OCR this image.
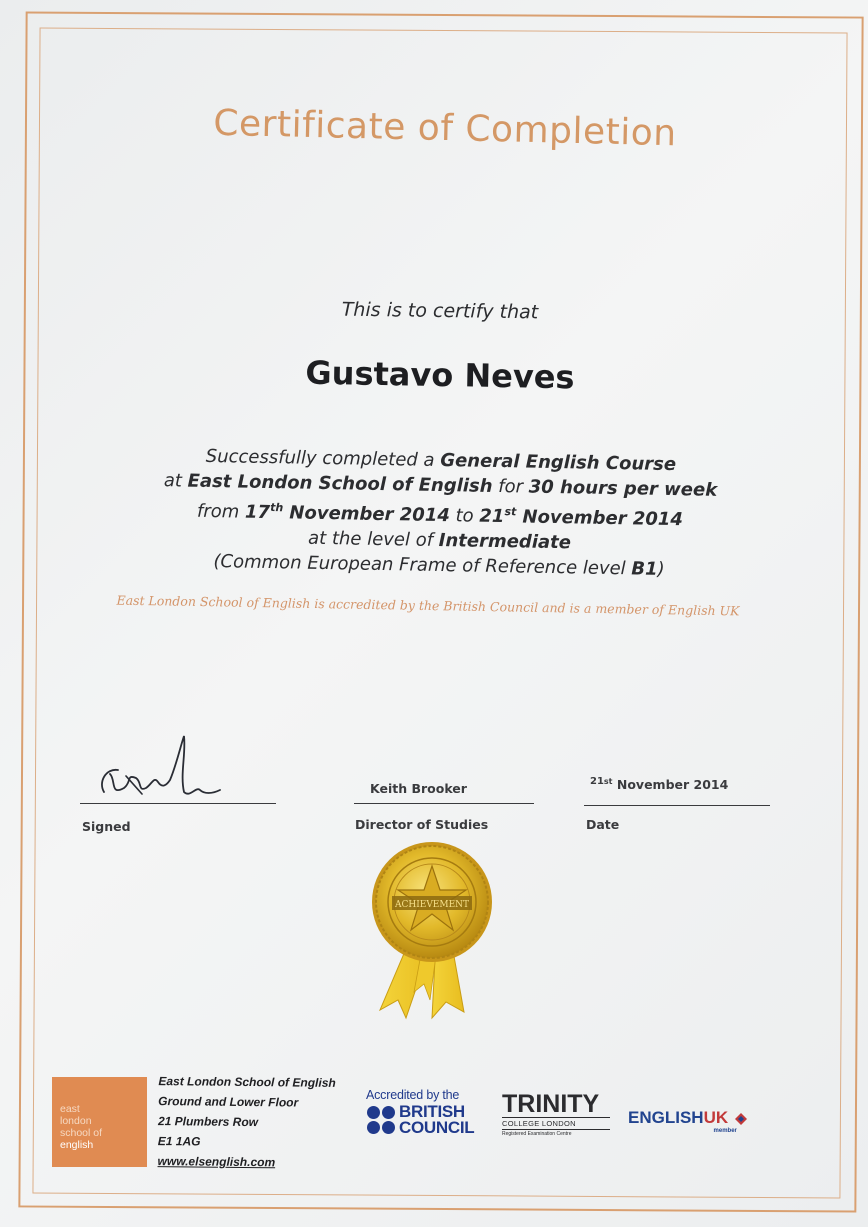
Certificate of Completion
This is to certify that
Gustavo Neves
Successfully completed a General English Course
at East London School of English for 30 hours per week
from 17th November 2014 to 21st November 2014
at the level of Intermediate
(Common European Frame of Reference level B1)
East London School of English is accredited by the British Council and is a member of English UK
Signed
Keith Brooker
Director of Studies
$^{21st}$ November 2014
Date
ACHIEVEMENT
east
london
school of
english
East London School of English
Ground and Lower Floor
21 Plumbers Row
E1 1AG
www.elsenglish.com
Accredited by the
BRITISH
COUNCIL
TRINITY
COLLEGE LONDON
Registered Examination Centre
ENGLISHUK
member
